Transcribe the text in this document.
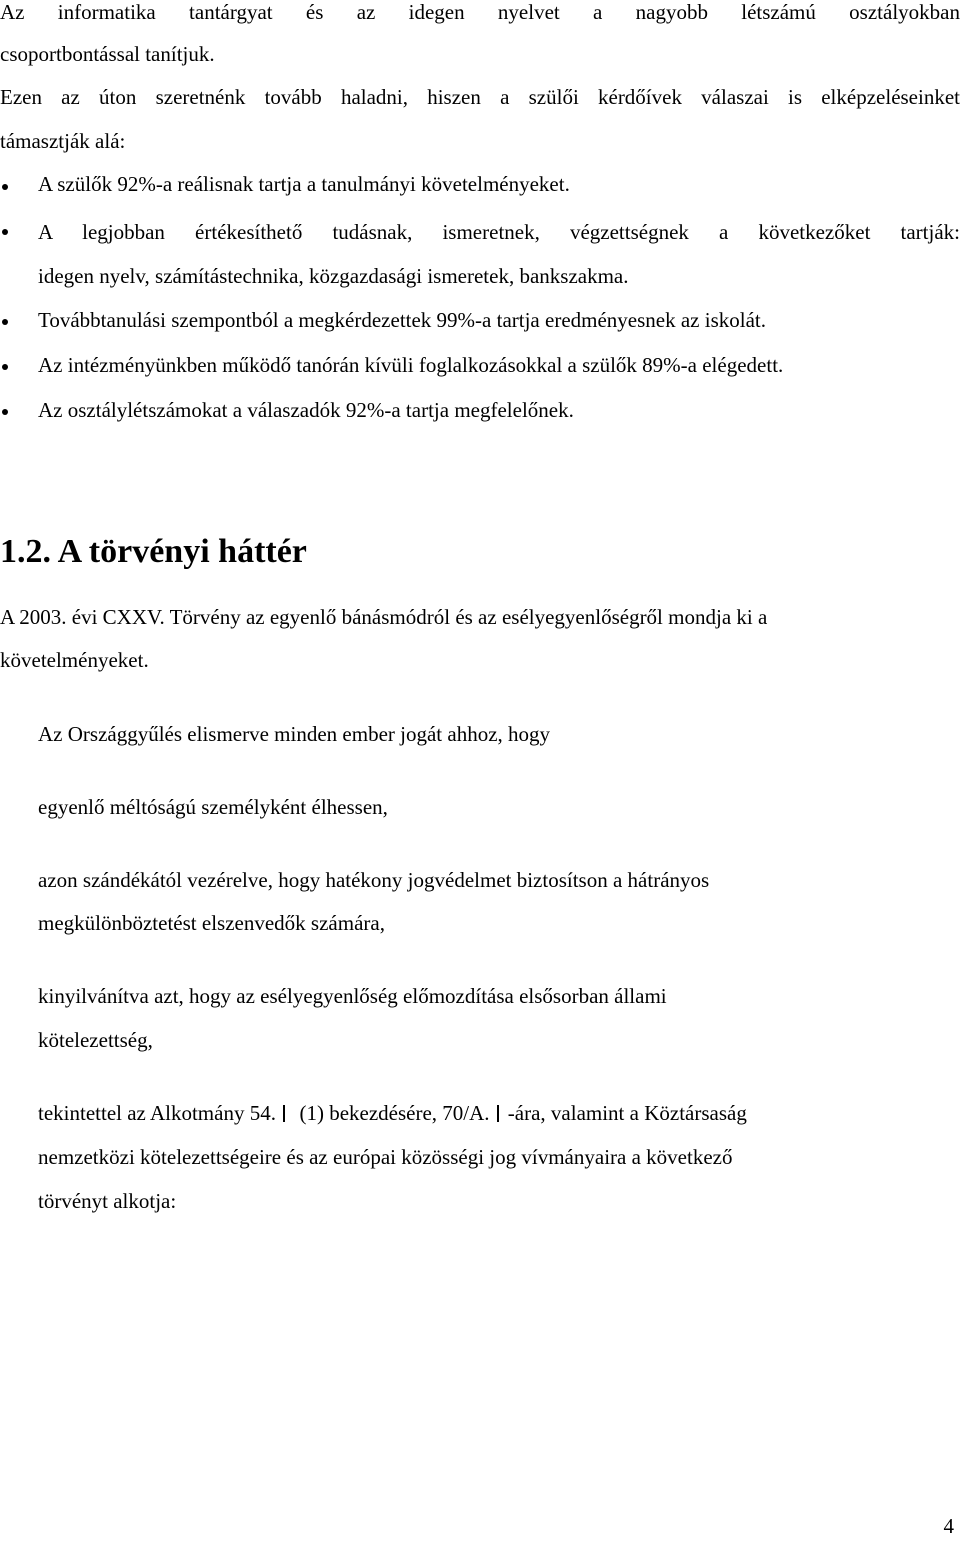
Az informatika tantárgyat és az idegen nyelvet a nagyobb létszámú osztályokban

csoportbontással tanítjuk.

Ezen az úton szeretnénk tovább haladni, hiszen a szülői kérdőívek válaszai is elképzeléseinket

támasztják alá:

A szülők 92%-a reálisnak tartja a tanulmányi követelményeket.

A legjobban értékesíthető tudásnak, ismeretnek, végzettségnek a következőket tartják:

idegen nyelv, számítástechnika, közgazdasági ismeretek, bankszakma.

Továbbtanulási szempontból a megkérdezettek 99%-a tartja eredményesnek az iskolát.

Az intézményünkben működő tanórán kívüli foglalkozásokkal a szülők 89%-a elégedett.

Az osztálylétszámokat a válaszadók 92%-a tartja megfelelőnek.

1.2. A törvényi háttér

A 2003. évi CXXV. Törvény az egyenlő bánásmódról és az esélyegyenlőségről mondja ki a

követelményeket.

Az Országgyűlés elismerve minden ember jogát ahhoz, hogy

egyenlő méltóságú személyként élhessen,

azon szándékától vezérelve, hogy hatékony jogvédelmet biztosítson a hátrányos

megkülönböztetést elszenvedők számára,

kinyilvánítva azt, hogy az esélyegyenlőség előmozdítása elsősorban állami

kötelezettség,

tekintettel az Alkotmány 54. (1) bekezdésére, 70/A. -ára, valamint a Köztársaság

nemzetközi kötelezettségeire és az európai közösségi jog vívmányaira a következő

törvényt alkotja:

4
